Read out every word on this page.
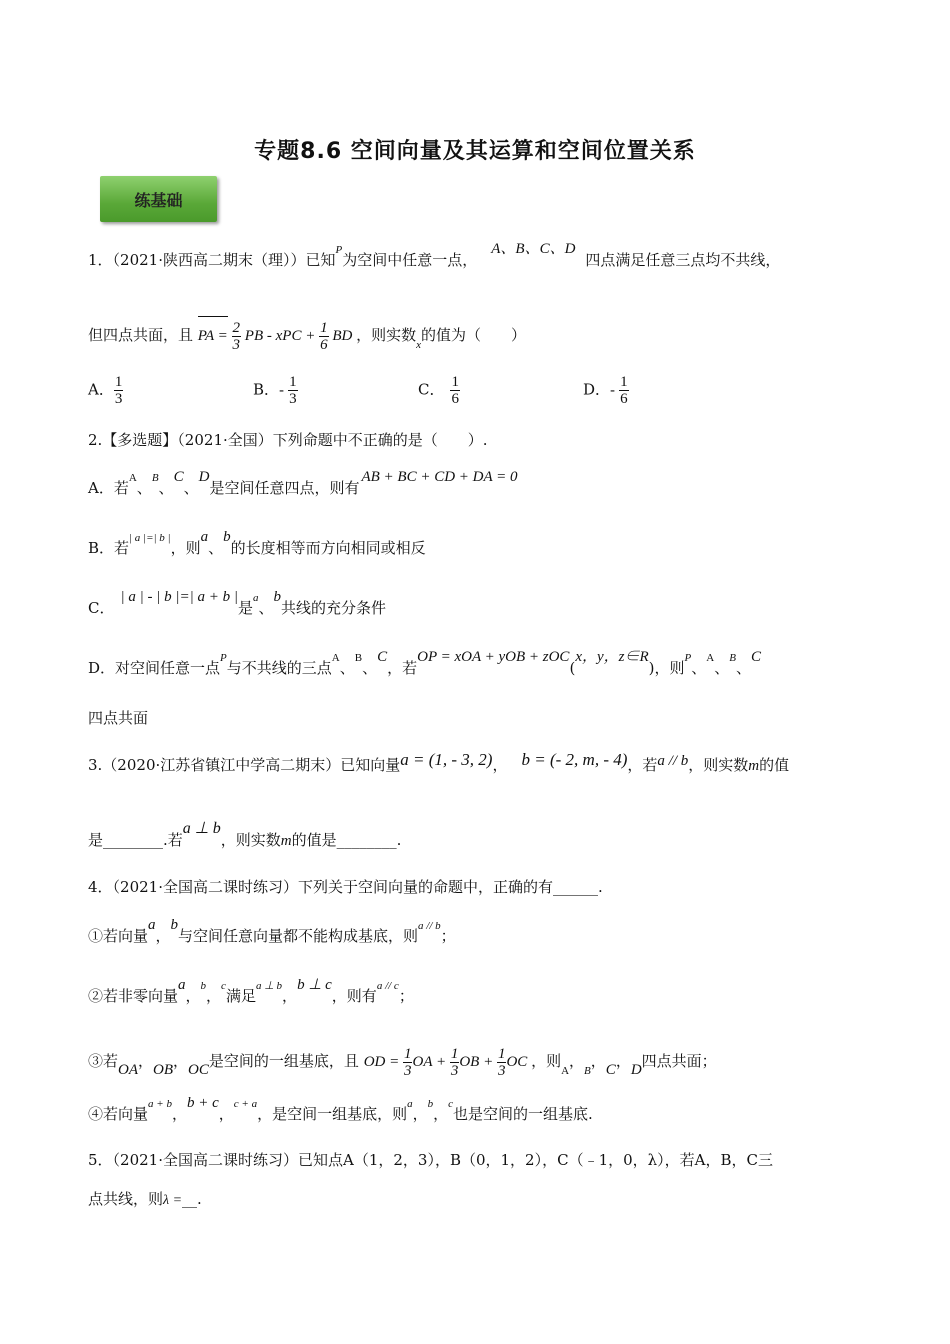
专题8.6 空间向量及其运算和空间位置关系
练基础
1．（2021·陕西高二期末（理））已知$^P$为空间中任意一点，A、B、C、D四点满足任意三点均不共线，
但四点共面，且 PA = $\frac{2}{3}$ PB - xPC + $\frac{1}{6}$ BD ，则实数$_x$的值为（　　）
A． $\frac{1}{3}$	B．- $\frac{1}{3}$	C． $\frac{1}{6}$	D．- $\frac{1}{6}$
2.【多选题】（2021·全国）下列命题中不正确的是（　　）.
A．若$^A$、$^B$、C、D是空间任意四点，则有AB + BC + CD + DA = 0
B．若$^{| a |=| b |}$，则a、b的长度相等而方向相同或相反
C．| a | - | b |=| a + b |是$^a$、b共线的充分条件
D．对空间任意一点$^P$与不共线的三点$^A$、$^B$、C，若OP = xOA + yOB + zOC(x，y，z∈R)，则$^P$、$^A$、$^B$、C
四点共面
3.（2020·江苏省镇江中学高二期末）已知向量a = (1, - 3, 2)， b = (- 2, m, - 4)，若a // b，则实数m的值
是________.若a ⊥ b，则实数m的值是________.
4．（2021·全国高二课时练习）下列关于空间向量的命题中，正确的有______.
①若向量a，b与空间任意向量都不能构成基底，则$^{a // b}$；
②若非零向量a，$^b$，$^c$满足$^{a \perp b}$，b ⊥ c，则有$^{a // c}$；
③若OA，OB，OC是空间的一组基底，且 OD = $\frac{1}{3}$ OA + $\frac{1}{3}$ OB + $\frac{1}{3}$ OC ，则$_A$，$_B$，C，D四点共面；
④若向量$^{a + b}$，b + c，$^{c + a}$，是空间一组基底，则$^a$，$^b$，$^c$也是空间的一组基底.
5．（2021·全国高二课时练习）已知点A（1，2，3），B（0，1，2），C（﹣1，0，λ），若A，B，C三
点共线，则λ =__.
